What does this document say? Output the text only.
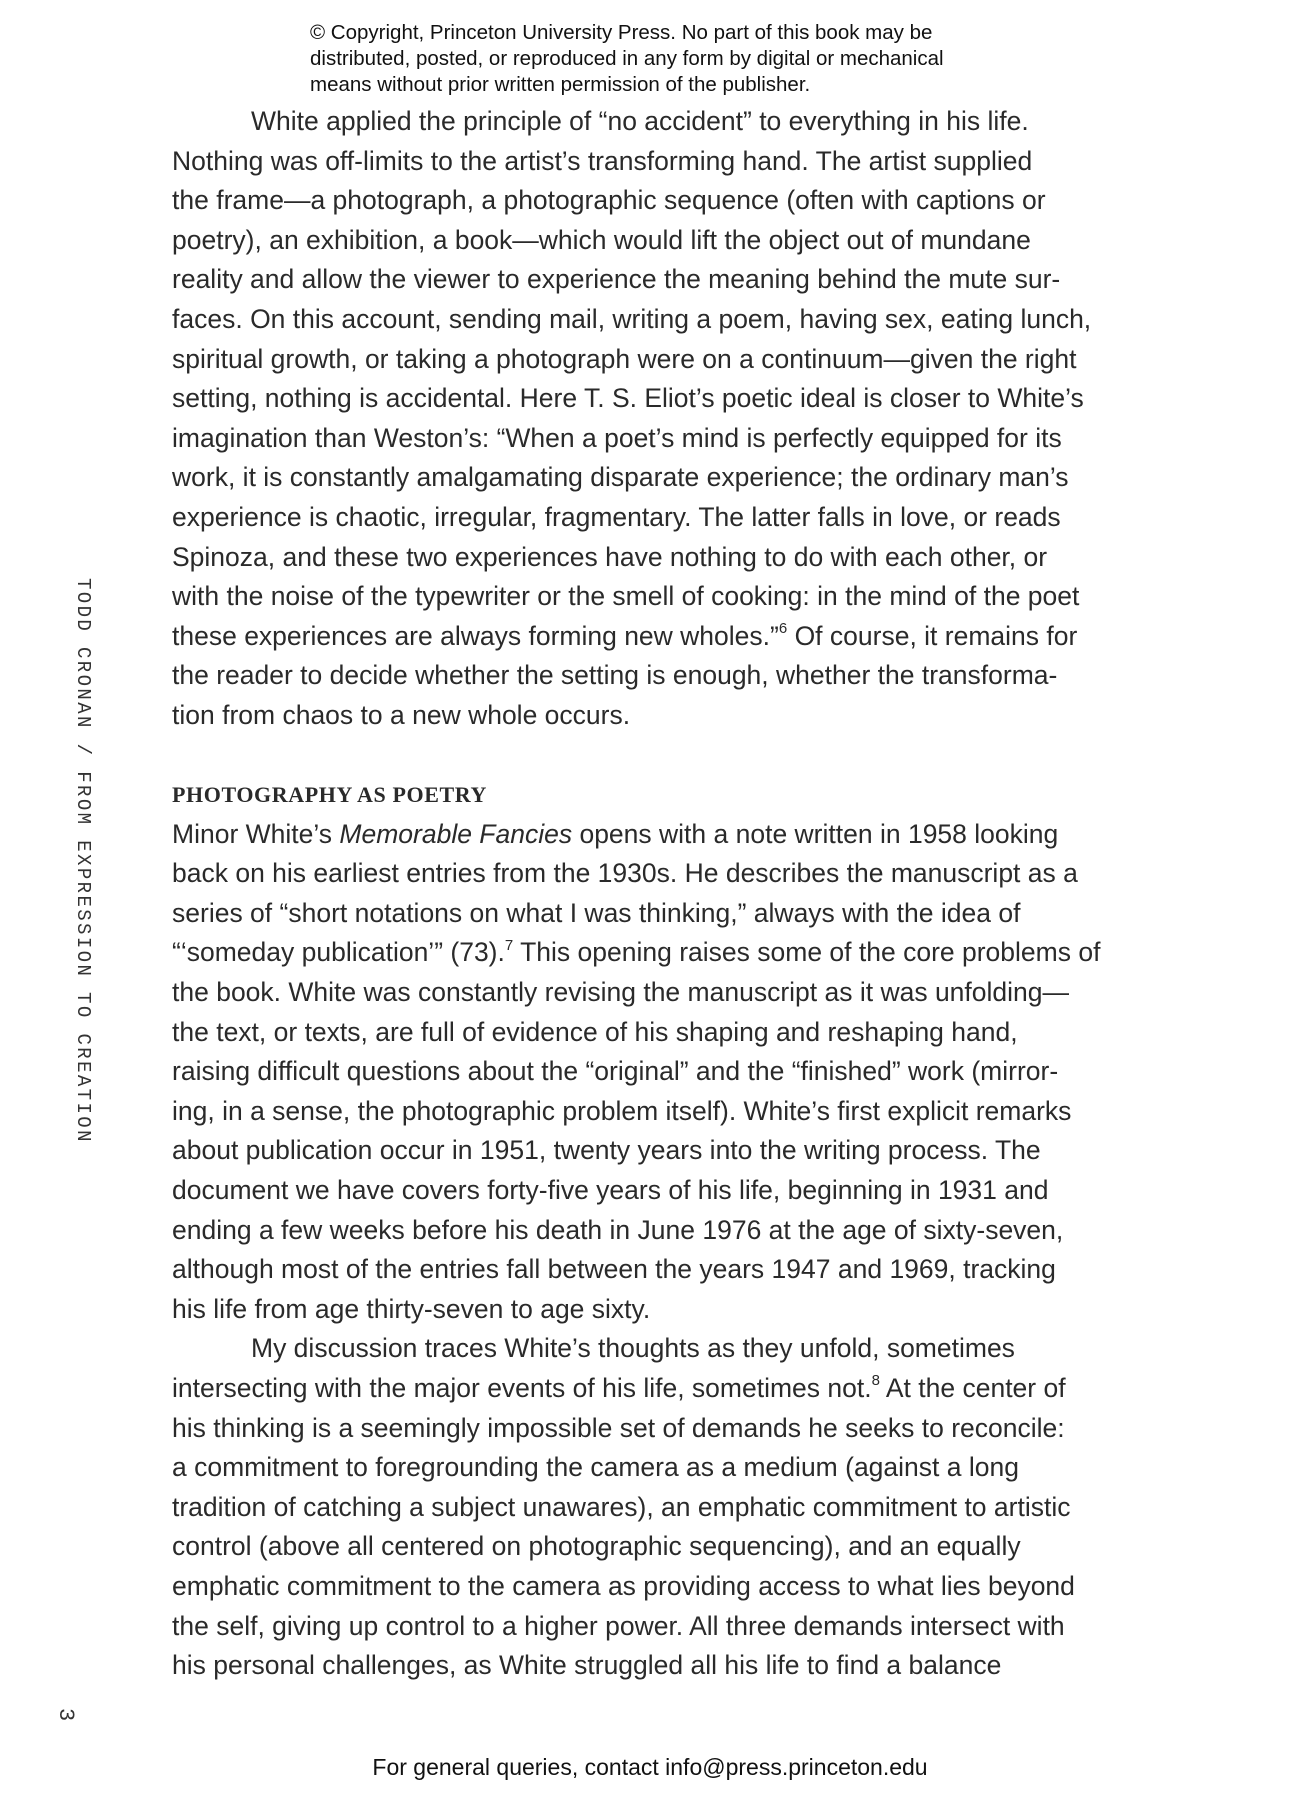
© Copyright, Princeton University Press. No part of this book may be
distributed, posted, or reproduced in any form by digital or mechanical
means without prior written permission of the publisher.
White applied the principle of “no accident” to everything in his life.
Nothing was off-limits to the artist’s transforming hand. The artist supplied
the frame—a photograph, a photographic sequence (often with captions or
poetry), an exhibition, a book—which would lift the object out of mundane
reality and allow the viewer to experience the meaning behind the mute sur-
faces. On this account, sending mail, writing a poem, having sex, eating lunch,
spiritual growth, or taking a photograph were on a continuum—given the right
setting, nothing is accidental. Here T. S. Eliot’s poetic ideal is closer to White’s
imagination than Weston’s: “When a poet’s mind is perfectly equipped for its
work, it is constantly amalgamating disparate experience; the ordinary man’s
experience is chaotic, irregular, fragmentary. The latter falls in love, or reads
Spinoza, and these two experiences have nothing to do with each other, or
with the noise of the typewriter or the smell of cooking: in the mind of the poet
these experiences are always forming new wholes.”$^6$ Of course, it remains for
the reader to decide whether the setting is enough, whether the transforma-
tion from chaos to a new whole occurs.
PHOTOGRAPHY AS POETRY
Minor White’s Memorable Fancies opens with a note written in 1958 looking
back on his earliest entries from the 1930s. He describes the manuscript as a
series of “short notations on what I was thinking,” always with the idea of
“‘someday publication’” (73).$^7$ This opening raises some of the core problems of
the book. White was constantly revising the manuscript as it was unfolding—
the text, or texts, are full of evidence of his shaping and reshaping hand,
raising difficult questions about the “original” and the “finished” work (mirror-
ing, in a sense, the photographic problem itself). White’s first explicit remarks
about publication occur in 1951, twenty years into the writing process. The
document we have covers forty-five years of his life, beginning in 1931 and
ending a few weeks before his death in June 1976 at the age of sixty-seven,
although most of the entries fall between the years 1947 and 1969, tracking
his life from age thirty-seven to age sixty.
My discussion traces White’s thoughts as they unfold, sometimes
intersecting with the major events of his life, sometimes not.$^8$ At the center of
his thinking is a seemingly impossible set of demands he seeks to reconcile:
a commitment to foregrounding the camera as a medium (against a long
tradition of catching a subject unawares), an emphatic commitment to artistic
control (above all centered on photographic sequencing), and an equally
emphatic commitment to the camera as providing access to what lies beyond
the self, giving up control to a higher power. All three demands intersect with
his personal challenges, as White struggled all his life to find a balance
TODD CRONAN / FROM EXPRESSION TO CREATION
3
For general queries, contact info@press.princeton.edu
